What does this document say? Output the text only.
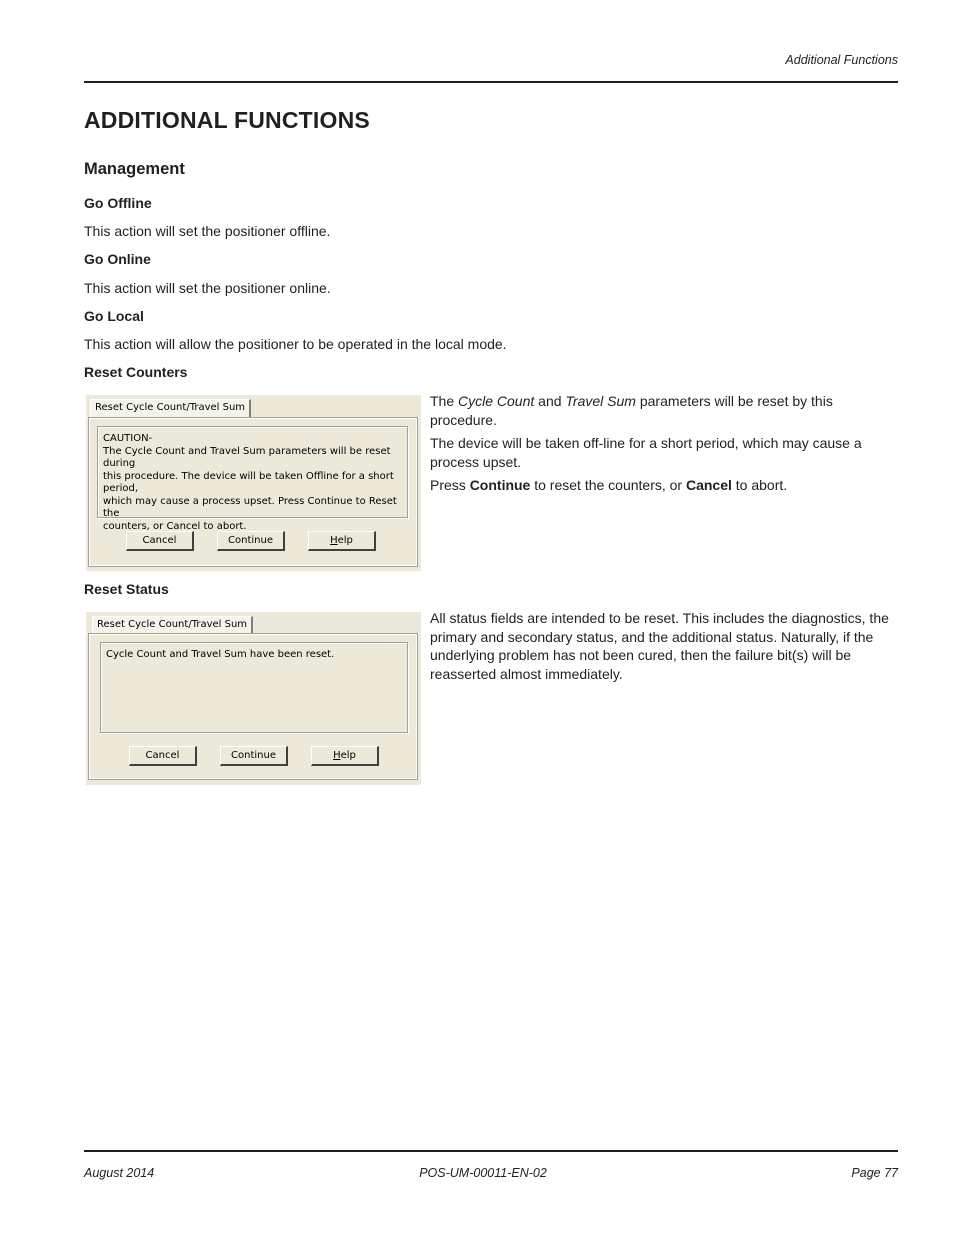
Additional Functions
ADDITIONAL FUNCTIONS
Management
Go Offline

This action will set the positioner offline.

Go Online

This action will set the positioner online.

Go Local

This action will allow the positioner to be operated in the local mode.

Reset Counters
Reset Cycle Count/Travel Sum
CAUTION-
The Cycle Count and Travel Sum parameters will be reset during
this procedure. The device will be taken Offline for a short period,
which may cause a process upset. Press Continue to Reset the
counters, or Cancel to abort.
Cancel	Continue	Help

The Cycle Count and Travel Sum parameters will be reset by this procedure.

The device will be taken off-line for a short period, which may cause a process upset.

Press Continue to reset the counters, or Cancel to abort.

Reset Status
Reset Cycle Count/Travel Sum
Cycle Count and Travel Sum have been reset.
Cancel	Continue	Help

All status fields are intended to be reset. This includes the diagnostics, the primary and secondary status, and the additional status. Naturally, if the underlying problem has not been cured, then the failure bit(s) will be reasserted almost immediately.

August 2014	POS-UM-00011-EN-02	Page 77
